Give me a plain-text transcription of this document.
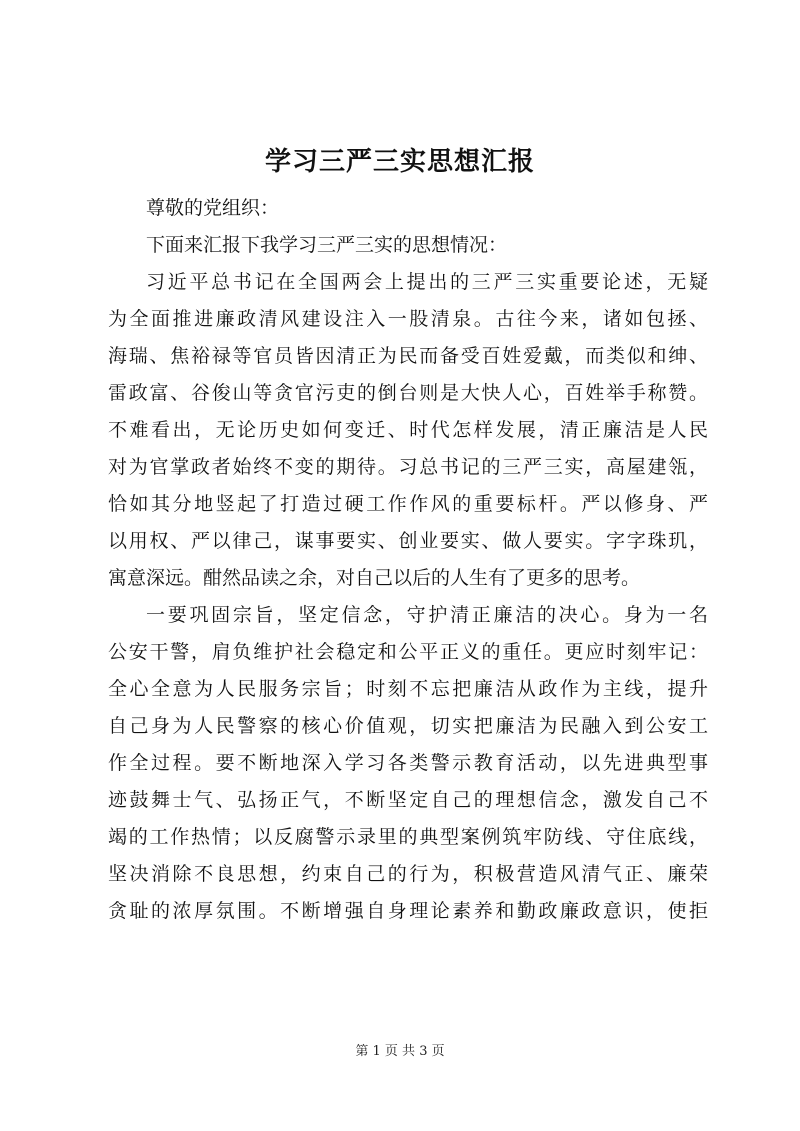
学习三严三实思想汇报
尊敬的党组织：
下面来汇报下我学习三严三实的思想情况：
习近平总书记在全国两会上提出的三严三实重要论述，无疑
为全面推进廉政清风建设注入一股清泉。古往今来，诸如包拯、
海瑞、焦裕禄等官员皆因清正为民而备受百姓爱戴，而类似和绅、
雷政富、谷俊山等贪官污吏的倒台则是大快人心，百姓举手称赞。
不难看出，无论历史如何变迁、时代怎样发展，清正廉洁是人民
对为官掌政者始终不变的期待。习总书记的三严三实，高屋建瓴，
恰如其分地竖起了打造过硬工作作风的重要标杆。严以修身、严
以用权、严以律己，谋事要实、创业要实、做人要实。字字珠玑，
寓意深远。酣然品读之余，对自己以后的人生有了更多的思考。
一要巩固宗旨，坚定信念，守护清正廉洁的决心。身为一名
公安干警，肩负维护社会稳定和公平正义的重任。更应时刻牢记：
全心全意为人民服务宗旨；时刻不忘把廉洁从政作为主线，提升
自己身为人民警察的核心价值观，切实把廉洁为民融入到公安工
作全过程。要不断地深入学习各类警示教育活动，以先进典型事
迹鼓舞士气、弘扬正气，不断坚定自己的理想信念，激发自己不
竭的工作热情；以反腐警示录里的典型案例筑牢防线、守住底线，
坚决消除不良思想，约束自己的行为，积极营造风清气正、廉荣
贪耻的浓厚氛围。不断增强自身理论素养和勤政廉政意识，使拒
第 1 页 共 3 页
